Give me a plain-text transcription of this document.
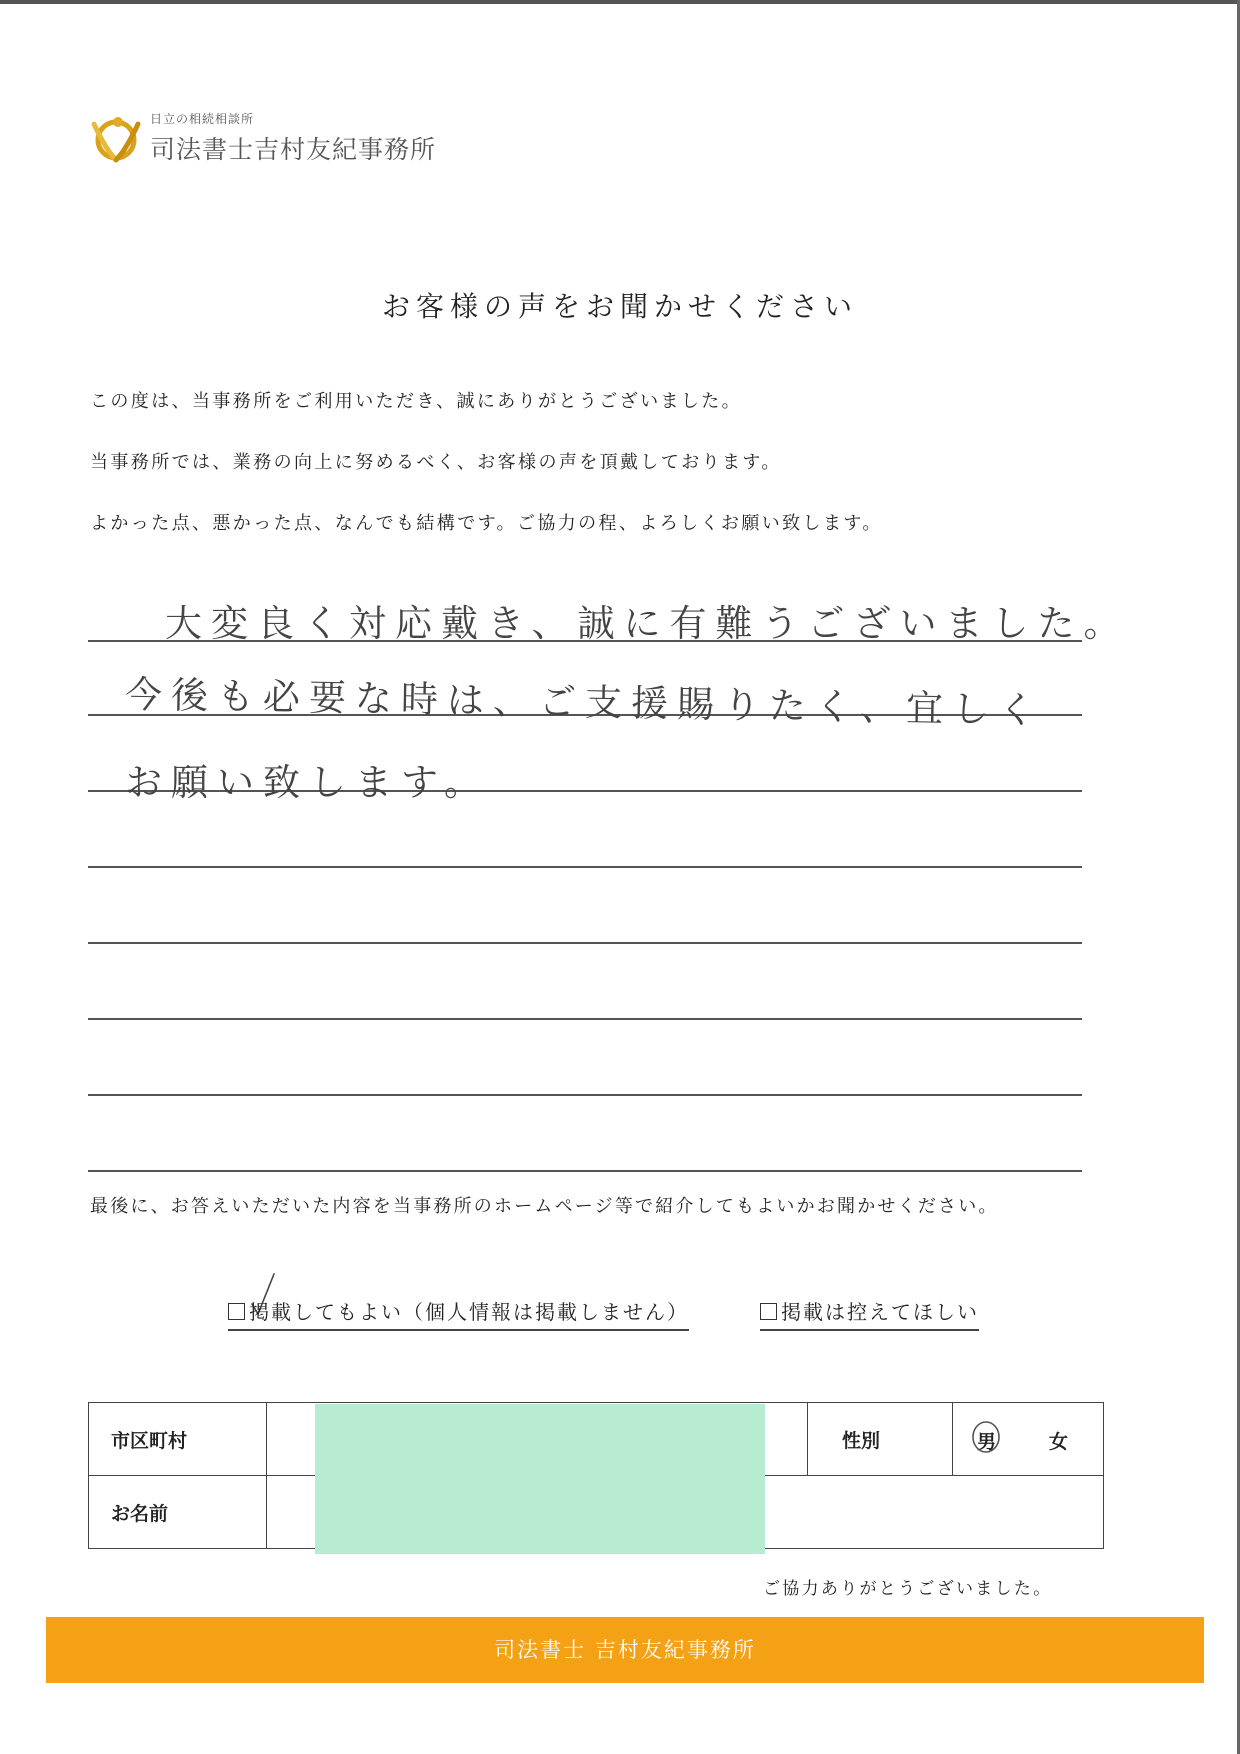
日立の相続相談所
司法書士吉村友紀事務所
お客様の声をお聞かせください
この度は、当事務所をご利用いただき、誠にありがとうございました。
当事務所では、業務の向上に努めるべく、お客様の声を頂戴しております。
よかった点、悪かった点、なんでも結構です。ご協力の程、よろしくお願い致します。
大変良く対応戴き、誠に有難うございました。
今後も必要な時は、ご支援賜りたく、宜しく
お願い致します。
最後に、お答えいただいた内容を当事務所のホームページ等で紹介してもよいかお聞かせください。
掲載してもよい（個人情報は掲載しません）	掲載は控えてほしい
市区町村		性別	男 女

お名前			
ご協力ありがとうございました。
司法書士 吉村友紀事務所
